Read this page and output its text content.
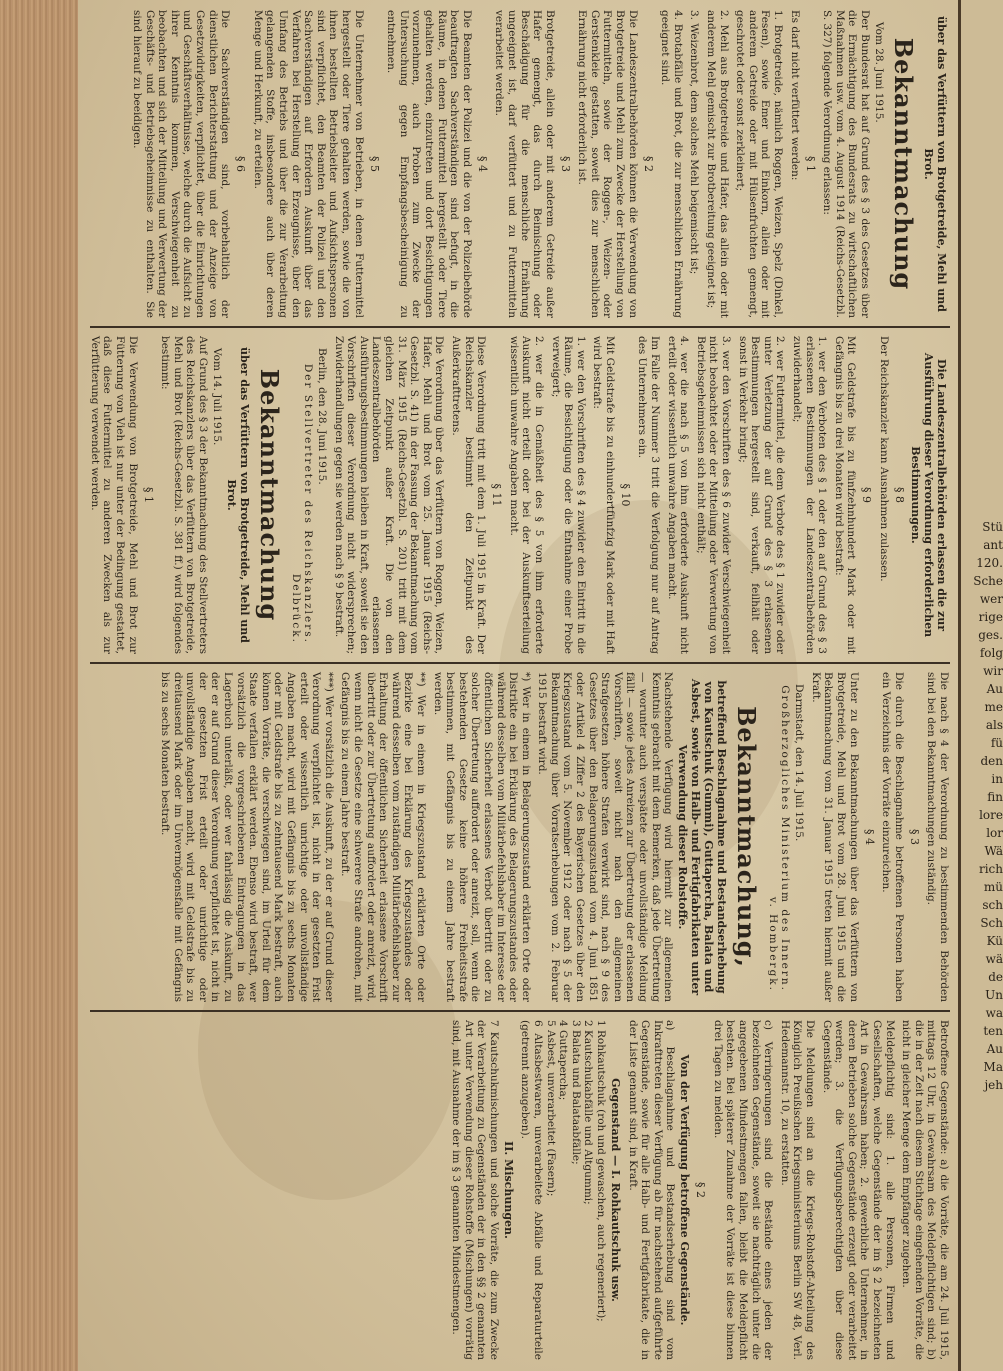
über das Verfüttern von Brotgetreide, Mehl und Brot.
Bekanntmachung
Vom 28. Juni 1915.
Der Bundesrat hat auf Grund des § 3 des Gesetzes über die Ermächtigung des Bundesrats zu wirtschaftlichen Maßnahmen usw. vom 4. August 1914 (Reichs-Gesetzbl. S. 327) folgende Verordnung erlassen:
§ 1
Es darf nicht verfüttert werden:
1. Brotgetreide, nämlich Roggen, Weizen, Spelz (Dinkel, Fesen), sowie Emer und Einkorn, allein oder mit anderem Getreide oder mit Hülsenfrüchten gemengt, geschrotet oder sonst zerkleinert;
2. Mehl aus Brotgetreide und Hafer, das allein oder mit anderem Mehl gemischt zur Brotbereitung geeignet ist;
3. Weizenbrot, dem solches Mehl beigemischt ist;
4. Brotabfälle und Brot, die zur menschlichen Ernährung geeignet sind.
§ 2
Die Landeszentralbehörden können die Verwendung von Brotgetreide und Mehl zum Zwecke der Herstellung von Futtermitteln, sowie der Roggen-, Weizen- oder Gerstenkleie gestatten, soweit dies zur menschlichen Ernährung nicht erforderlich ist.
§ 3
Brotgetreide, allein oder mit anderem Getreide außer Hafer gemengt, das durch Beimischung oder Beschädigung für die menschliche Ernährung ungeeignet ist, darf verfüttert und zu Futtermitteln verarbeitet werden.
§ 4
Die Beamten der Polizei und die von der Polizeibehörde beauftragten Sachverständigen sind befugt, in die Räume, in denen Futtermittel hergestellt oder Tiere gehalten werden, einzutreten und dort Besichtigungen vorzunehmen, auch Proben zum Zwecke der Untersuchung gegen Empfangsbescheinigung zu entnehmen.
§ 5
Die Unternehmer von Betrieben, in denen Futtermittel hergestellt oder Tiere gehalten werden, sowie die von ihnen bestellten Betriebsleiter und Aufsichtspersonen sind verpflichtet, den Beamten der Polizei und den Sachverständigen auf Erfordern Auskunft über das Verfahren bei Herstellung der Erzeugnisse, über den Umfang des Betriebs und über die zur Verarbeitung gelangenden Stoffe, insbesondere auch über deren Menge und Herkunft, zu erteilen.
§ 6
Die Sachverständigen sind, vorbehaltlich der dienstlichen Berichterstattung und der Anzeige von Gesetzwidrigkeiten, verpflichtet, über die Einrichtungen und Geschäftsverhältnisse, welche durch die Aufsicht zu ihrer Kenntnis kommen, Verschwiegenheit zu beobachten und sich der Mitteilung und Verwertung der Geschäfts- und Betriebsgeheimnisse zu enthalten. Sie sind hierauf zu beeidigen.
Die Landeszentralbehörden erlassen die zur Ausführung dieser Verordnung erforderlichen Bestimmungen.
§ 8
Der Reichskanzler kann Ausnahmen zulassen.
§ 9
Mit Geldstrafe bis zu fünfzehnhundert Mark oder mit Gefängnis bis zu drei Monaten wird bestraft:
1. wer den Verboten des § 1 oder den auf Grund des § 3 erlassenen Bestimmungen der Landeszentralbehörden zuwiderhandelt;
2. wer Futtermittel, die dem Verbote des § 1 zuwider oder unter Verletzung der auf Grund des § 3 erlassenen Bestimmungen hergestellt sind, verkauft, feilhält oder sonst in Verkehr bringt;
3. wer den Vorschriften des § 6 zuwider Verschwiegenheit nicht beobachtet oder der Mitteilung oder Verwertung von Betriebsgeheimnissen sich nicht enthält;
4. wer die nach § 5 von ihm erforderte Auskunft nicht erteilt oder wissentlich unwahre Angaben macht.
Im Falle der Nummer 3 tritt die Verfolgung nur auf Antrag des Unternehmers ein.
§ 10
Mit Geldstrafe bis zu einhundertfünfzig Mark oder mit Haft wird bestraft:
1. wer den Vorschriften des § 4 zuwider den Eintritt in die Räume, die Besichtigung oder die Entnahme einer Probe verweigert;
2. wer die in Gemäßheit des § 5 von ihm erforderte Auskunft nicht erteilt oder bei der Auskunftserteilung wissentlich unwahre Angaben macht.
§ 11
Diese Verordnung tritt mit dem 1. Juli 1915 in Kraft. Der Reichskanzler bestimmt den Zeitpunkt des Außerkrafttretens.
Die Verordnung über das Verfüttern von Roggen, Weizen, Hafer, Mehl und Brot vom 25. Januar 1915 (Reichs-Gesetzbl. S. 41) in der Fassung der Bekanntmachung vom 31. März 1915 (Reichs-Gesetzbl. S. 201) tritt mit dem gleichen Zeitpunkt außer Kraft. Die von den Landeszentralbehörden erlassenen Ausführungsbestimmungen bleiben in Kraft, soweit sie den Vorschriften dieser Verordnung nicht widersprechen; Zuwiderhandlungen gegen sie werden nach § 9 bestraft.
Berlin, den 28. Juni 1915.
Der Stellvertreter des Reichskanzlers. Delbrück.
Bekanntmachung
über das Verfüttern von Brotgetreide, Mehl und Brot.
Vom 14. Juli 1915.
Auf Grund des § 3 der Bekanntmachung des Stellvertreters des Reichskanzlers über das Verfüttern von Brotgetreide, Mehl und Brot (Reichs-Gesetzbl. S. 381 ff.) wird folgendes bestimmt:
§ 1
Die Verwendung von Brotgetreide, Mehl und Brot zur Fütterung von Vieh ist nur unter der Bedingung gestattet, daß diese Futtermittel zu anderen Zwecken als zur Verfütterung verwendet werden.
Die nach § 4 der Verordnung zu bestimmenden Behörden sind bei den Bekanntmachungen zuständig.
§ 3
Die durch die Beschlagnahme betroffenen Personen haben ein Verzeichnis der Vorräte einzureichen.
§ 4
Unter zu den Bekanntmachungen über das Verfüttern von Brotgetreide, Mehl und Brot vom 28. Juni 1915 und die Bekanntmachung vom 31. Januar 1915 treten hiermit außer Kraft.
Darmstadt, den 14. Juli 1915.
Großherzogliches Ministerium des Innern. v. Hombergk.
Bekanntmachung,
betreffend Beschlagnahme und Bestandserhebung von Kautschuk (Gummi), Guttapercha, Balata und Asbest, sowie von Halb- und Fertigfabrikaten unter Verwendung dieser Rohstoffe.
Nachstehende Verfügung wird hiermit zur allgemeinen Kenntnis gebracht mit dem Bemerken, daß jede Übertretung — worunter auch verspätete oder unvollständige Meldung fällt — sowie jedes Anreizen zur Übertretung der erlassenen Vorschriften, soweit nicht nach den allgemeinen Strafgesetzen höhere Strafen verwirkt sind, nach § 9 des Gesetzes über den Belagerungszustand vom 4. Juni 1851 oder Artikel 4 Ziffer 2 des Bayerischen Gesetzes über den Kriegszustand vom 5. November 1912 oder nach § 5 der Bekanntmachung über Vorratserhebungen vom 2. Februar 1915 bestraft wird.
*) Wer in einem in Belagerungszustand erklärten Orte oder Distrikte ein bei Erklärung des Belagerungszustandes oder während desselben vom Militärbefehlshaber im Interesse der öffentlichen Sicherheit erlassenes Verbot übertritt oder zu solcher Übertretung auffordert oder anreizt, soll, wenn die bestehenden Gesetze keine höhere Freiheitsstrafe bestimmen, mit Gefängnis bis zu einem Jahre bestraft werden.
**) Wer in einem in Kriegszustand erklärten Orte oder Bezirke eine bei Erklärung des Kriegszustandes oder während desselben vom zuständigen Militärbefehlshaber zur Erhaltung der öffentlichen Sicherheit erlassene Vorschrift übertritt oder zur Übertretung auffordert oder anreizt, wird, wenn nicht die Gesetze eine schwerere Strafe androhen, mit Gefängnis bis zu einem Jahre bestraft.
***) Wer vorsätzlich die Auskunft, zu der er auf Grund dieser Verordnung verpflichtet ist, nicht in der gesetzten Frist erteilt oder wissentlich unrichtige oder unvollständige Angaben macht, wird mit Gefängnis bis zu sechs Monaten oder mit Geldstrafe bis zu zehntausend Mark bestraft, auch können Vorräte, die verschwiegen sind, im Urteil für dem Staate verfallen erklärt werden. Ebenso wird bestraft, wer vorsätzlich die vorgeschriebenen Eintragungen in das Lagerbuch unterläßt, oder wer fahrlässig die Auskunft, zu der er auf Grund dieser Verordnung verpflichtet ist, nicht in der gesetzten Frist erteilt oder unrichtige oder unvollständige Angaben macht, wird mit Geldstrafe bis zu dreitausend Mark oder im Unvermögensfalle mit Gefängnis bis zu sechs Monaten bestraft.
Betroffene Gegenstände: a) die Vorräte, die am 24. Juli 1915, mittags 12 Uhr, in Gewahrsam des Meldepflichtigen sind; b) die in der Zeit nach diesem Stichtage eingehenden Vorräte, die nicht in gleicher Menge dem Empfänger zugehen.
Meldepflichtig sind: 1. alle Personen, Firmen und Gesellschaften, welche Gegenstände der im § 2 bezeichneten Art in Gewahrsam haben; 2. gewerbliche Unternehmer, in deren Betrieben solche Gegenstände erzeugt oder verarbeitet werden; 3. die Verfügungsberechtigten über diese Gegenstände.
Die Meldungen sind an die Kriegs-Rohstoff-Abteilung des Königlich Preußischen Kriegsministeriums Berlin SW 48, Verl. Hedemannstr. 10, zu erstatten.
c) Verringerungen sind die Bestände eines jeden der bezeichneten Gegenstände, soweit sie nachträglich unter die angegebenen Mindestmengen fallen, bleibt die Meldepflicht bestehen. Bei späterer Zunahme der Vorräte ist diese binnen drei Tagen zu melden.
§ 2
Von der Verfügung betroffene Gegenstände.
a) Beschlagnahme und Bestandserhebung sind vom Inkrafttreten dieser Verfügung ab für nachstehend aufgeführte Gegenstände, sowie für alle Halb- und Fertigfabrikate, die in der Liste genannt sind, in Kraft.
Gegenstand — I. Rohkautschuk usw.
1 Rohkautschuk (roh und gewaschen, auch regeneriert);
2 Kautschukabfälle und Altgummi;
3 Balata und Balataabfälle;
4 Guttapercha;
5 Asbest, unverarbeitet (Fasern);
6 Altasbestwaren, unverarbeitete Abfälle und Reparaturteile (getrennt anzugeben).
II. Mischungen.
7 Kautschukmischungen und solche Vorräte, die zum Zwecke der Verarbeitung zu Gegenständen der in den §§ 2 genannten Art unter Verwendung dieser Rohstoffe (Mischungen) vorrätig sind, mit Ausnahme der im § 3 genannten Mindestmengen.
Stü
ant
120.
Sche
wer
rige
ges.
folg
wir
Au
me
als
fü
den
in
fin
lore
lor
Wä
rich
mü
sch
Sch
Kü
wä
de
Un
wa
ten
Au
Ma
jeh
